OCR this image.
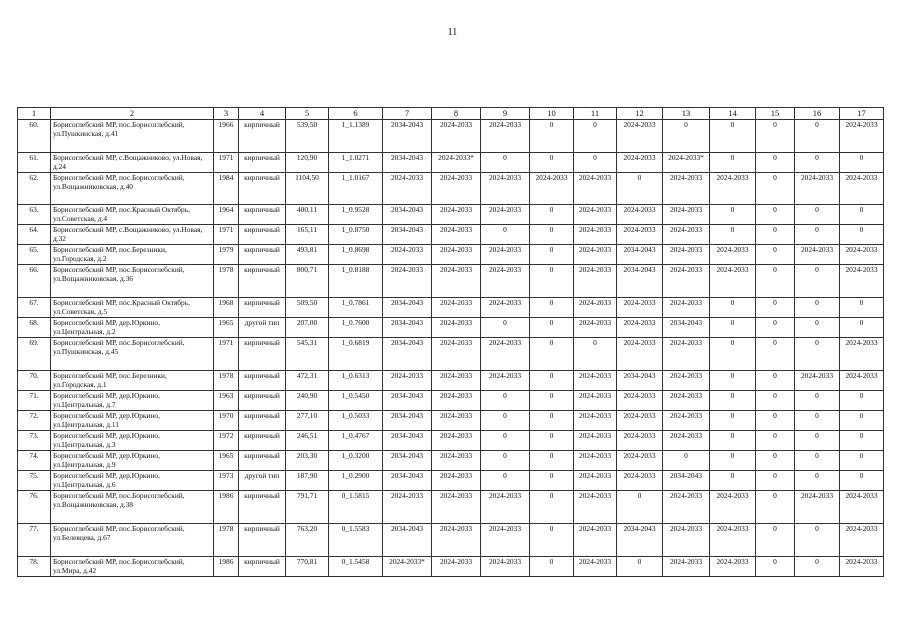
11
1	2	3	4	5	6	7	8	9	10	11	12	13	14	15	16	17
60.	Борисоглебский МР, пос.Борисоглебский, ул.Пушкинская, д.41	1966	кирпичный	539,50	1_1.1389	2034-2043	2024-2033	2024-2033	0	0	2024-2033	0	0	0	0	2024-2033
61.	Борисоглебский МР, с.Вощажниково, ул.Новая, д.24	1971	кирпичный	120,90	1_1.0271	2034-2043	2024-2033*	0	0	0	2024-2033	2024-2033*	0	0	0	0
62.	Борисоглебский МР, пос.Борисоглебский, ул.Вощажниковская, д.40	1984	кирпичный	1104,50	1_1.0167	2024-2033	2024-2033	2024-2033	2024-2033	2024-2033	0	2024-2033	2024-2033	0	2024-2033	2024-2033
63.	Борисоглебский МР, пос.Красный Октябрь, ул.Советская, д.4	1964	кирпичный	400,11	1_0.9528	2034-2043	2024-2033	2024-2033	0	2024-2033	2024-2033	2024-2033	0	0	0	0
64.	Борисоглебский МР, с.Вощажниково, ул.Новая, д.32	1971	кирпичный	165,11	1_0.8750	2034-2043	2024-2033	0	0	2024-2033	2024-2033	2024-2033	0	0	0	0
65.	Борисоглебский МР, пос.Березники, ул.Городская, д.2	1979	кирпичный	493,81	1_0.8698	2024-2033	2024-2033	2024-2033	0	2024-2033	2034-2043	2024-2033	2024-2033	0	2024-2033	2024-2033
66.	Борисоглебский МР, пос.Борисоглебский, ул.Вощажниковская, д.36	1978	кирпичный	800,71	1_0.8188	2024-2033	2024-2033	2024-2033	0	2024-2033	2034-2043	2024-2033	2024-2033	0	0	2024-2033
67.	Борисоглебский МР, пос.Красный Октябрь, ул.Советская, д.5	1968	кирпичный	509,50	1_0.7861	2034-2043	2024-2033	2024-2033	0	2024-2033	2024-2033	2024-2033	0	0	0	0
68.	Борисоглебский МР, дер.Юркино, ул.Центральная, д.2	1965	другой тип	207,00	1_0.7600	2034-2043	2024-2033	0	0	2024-2033	2024-2033	2034-2043	0	0	0	0
69.	Борисоглебский МР, пос.Борисоглебский, ул.Пушкинская, д.45	1971	кирпичный	545,31	1_0.6819	2034-2043	2024-2033	2024-2033	0	0	2024-2033	2024-2033	0	0	0	2024-2033
70.	Борисоглебский МР, пос.Березники, ул.Городская, д.1	1978	кирпичный	472,31	1_0.6313	2024-2033	2024-2033	2024-2033	0	2024-2033	2034-2043	2024-2033	0	0	2024-2033	2024-2033
71.	Борисоглебский МР, дер.Юркино, ул.Центральная, д.7	1963	кирпичный	240,90	1_0.5450	2034-2043	2024-2033	0	0	2024-2033	2024-2033	2024-2033	0	0	0	0
72.	Борисоглебский МР, дер.Юркино, ул.Центральная, д.11	1970	кирпичный	277,10	1_0.5033	2034-2043	2024-2033	0	0	2024-2033	2024-2033	2024-2033	0	0	0	0
73.	Борисоглебский МР, дер.Юркино, ул.Центральная, д.3	1972	кирпичный	246,51	1_0.4767	2034-2043	2024-2033	0	0	2024-2033	2024-2033	2024-2033	0	0	0	0
74.	Борисоглебский МР, дер.Юркино, ул.Центральная, д.9	1965	кирпичный	203,30	1_0.3200	2034-2043	2024-2033	0	0	2024-2033	2024-2033	0	0	0	0	0
75.	Борисоглебский МР, дер.Юркино, ул.Центральная, д.6	1973	другой тип	187,90	1_0.2900	2034-2043	2024-2033	0	0	2024-2033	2024-2033	2034-2043	0	0	0	0
76.	Борисоглебский МР, пос.Борисоглебский, ул.Вощажниковская, д.38	1986	кирпичный	791,71	0_1.5815	2024-2033	2024-2033	2024-2033	0	2024-2033	0	2024-2033	2024-2033	0	2024-2033	2024-2033
77.	Борисоглебский МР, пос.Борисоглебский, ул.Белевцева, д.67	1978	кирпичный	763,20	0_1.5583	2034-2043	2024-2033	2024-2033	0	2024-2033	2034-2043	2024-2033	2024-2033	0	0	2024-2033
78.	Борисоглебский МР, пос.Борисоглебский, ул.Мира, д.42	1986	кирпичный	770,81	0_1.5458	2024-2033*	2024-2033	2024-2033	0	2024-2033	0	2024-2033	2024-2033	0	0	2024-2033
